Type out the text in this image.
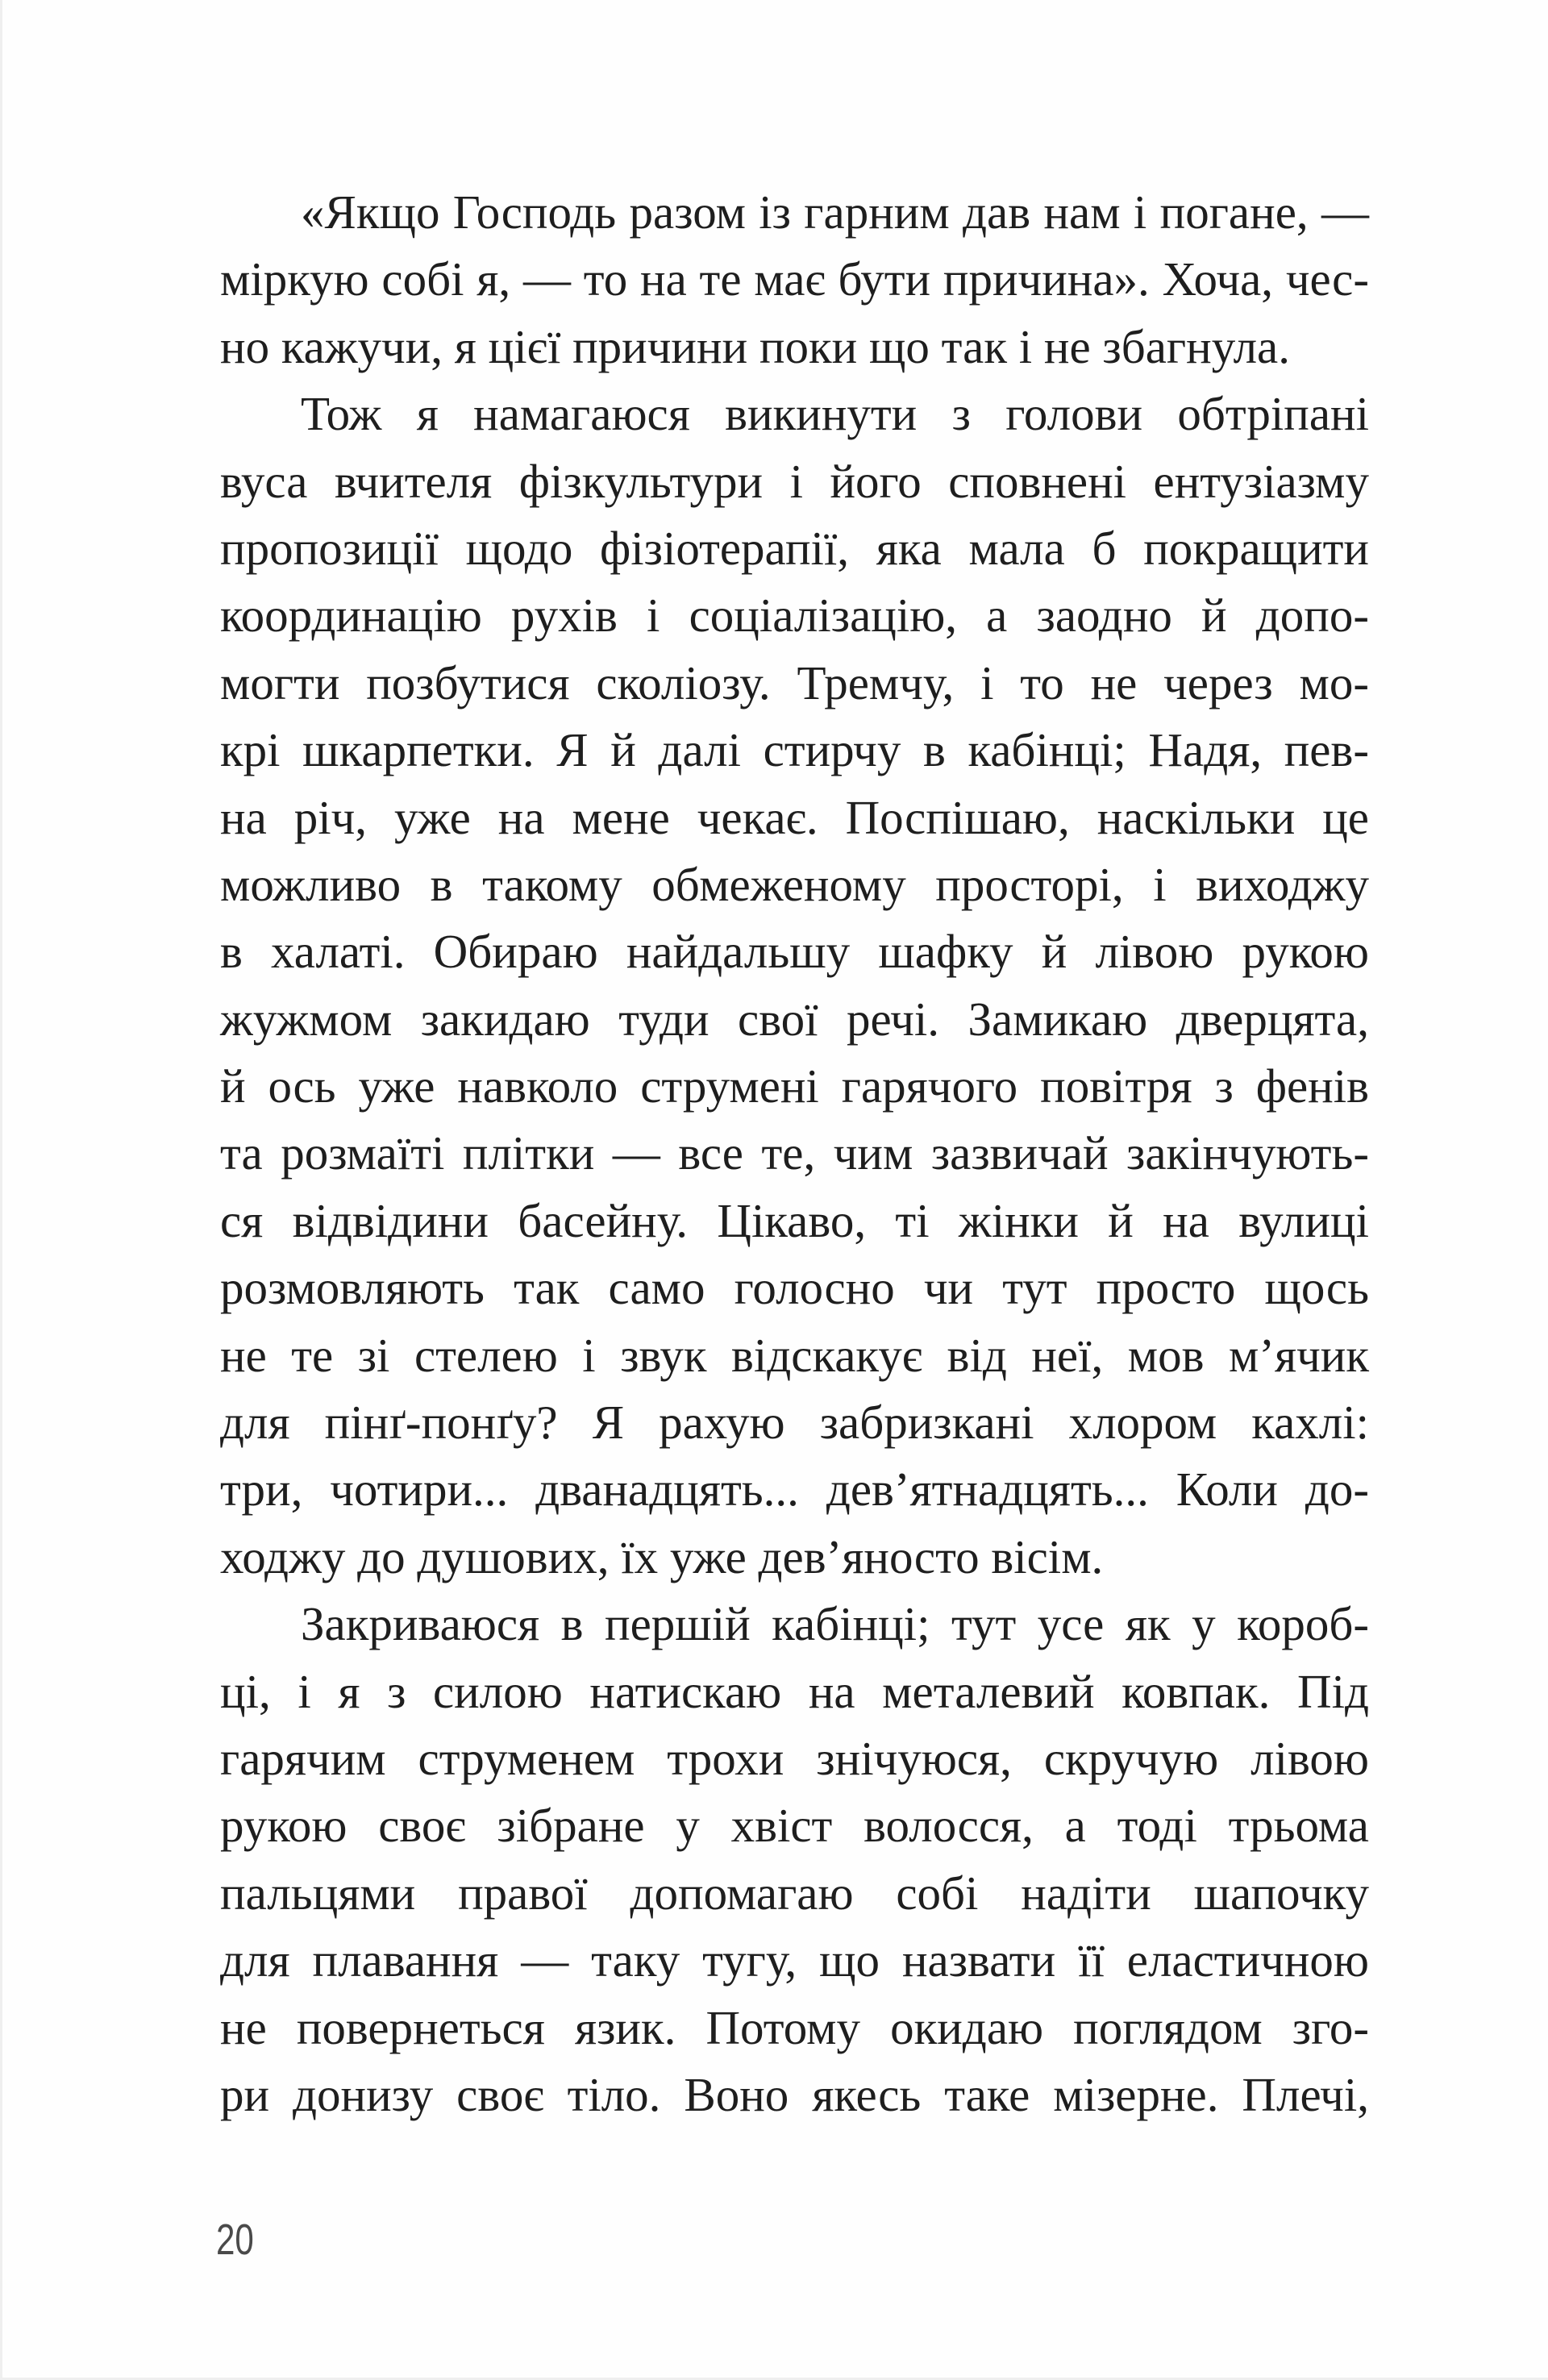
«Якщо Господь разом із гарним дав нам і погане, —
міркую собі я, — то на те має бути причина». Хоча, чес-
но кажучи, я цієї причини поки що так і не збагнула.
Тож я намагаюся викинути з голови обтріпані
вуса вчителя фізкультури і його сповнені ентузіазму
пропозиції щодо фізіотерапії, яка мала б покращити
координацію рухів і соціалізацію, а заодно й допо-
могти позбутися сколіозу. Тремчу, і то не через мо-
крі шкарпетки. Я й далі стирчу в кабінці; Надя, пев-
на річ, уже на мене чекає. Поспішаю, наскільки це
можливо в такому обмеженому просторі, і виходжу
в халаті. Обираю найдальшу шафку й лівою рукою
жужмом закидаю туди свої речі. Замикаю дверцята,
й ось уже навколо струмені гарячого повітря з фенів
та розмаїті плітки — все те, чим зазвичай закінчують-
ся відвідини басейну. Цікаво, ті жінки й на вулиці
розмовляють так само голосно чи тут просто щось
не те зі стелею і звук відскакує від неї, мов м’ячик
для пінґ-понґу? Я рахую забризкані хлором кахлі:
три, чотири... дванадцять... дев’ятнадцять... Коли до-
ходжу до душових, їх уже дев’яносто вісім.
Закриваюся в першій кабінці; тут усе як у короб-
ці, і я з силою натискаю на металевий ковпак. Під
гарячим струменем трохи знічуюся, скручую лівою
рукою своє зібране у хвіст волосся, а тоді трьома
пальцями правої допомагаю собі надіти шапочку
для плавання — таку тугу, що назвати її еластичною
не повернеться язик. Потому окидаю поглядом зго-
ри донизу своє тіло. Воно якесь таке мізерне. Плечі,
20
